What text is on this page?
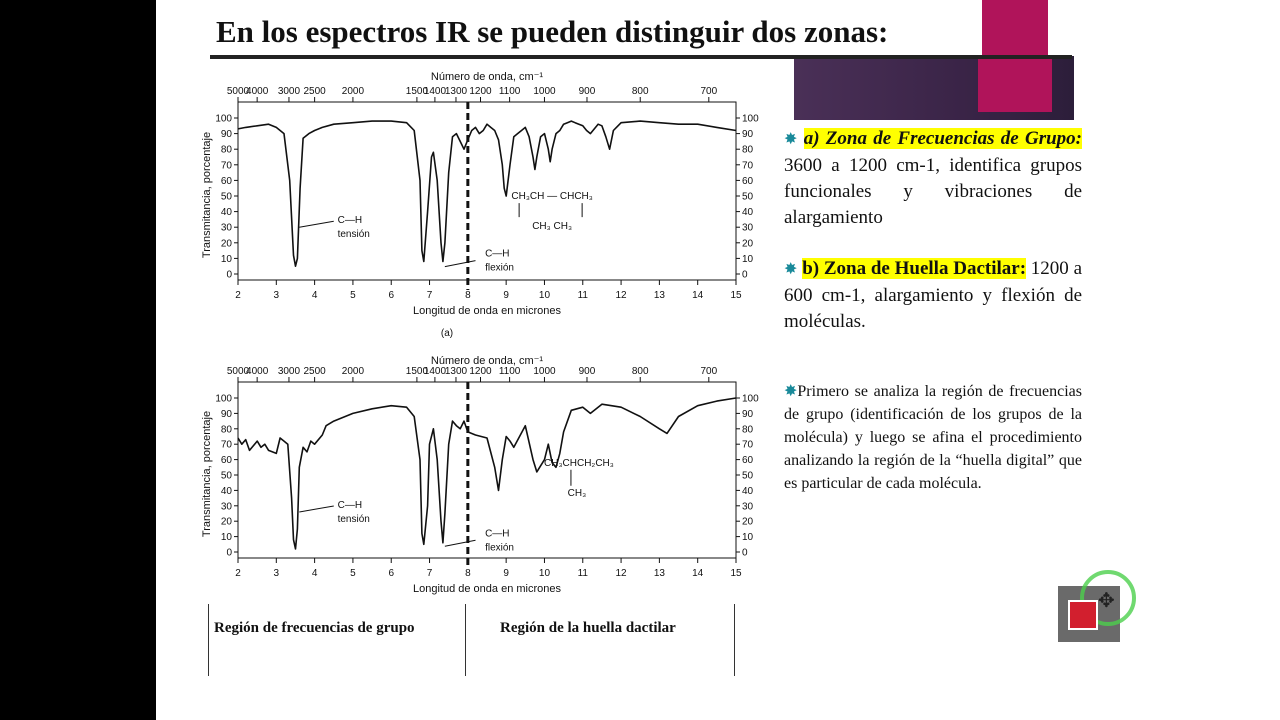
En los espectros IR se pueden distinguir dos zonas:
5000
4000 3000 2500 2000	1500
1400
1300 1200 1100 1000 900	800	700
Número de onda, cm⁻¹
2	3	4	5	6	7	8	9	10	11	12	13	14	15
Longitud de onda en micrones
(a)
0	0
10	10
20	20
30	30
40	40
50	50
60	60
70	70
80	80
90	90
100	100
Transmitancia, porcentaje	C—H
tensión
C—H
flexión
CH₃CH — CHCH₃
CH₃ CH₃
5000
4000 3000 2500 2000	1500
1400
1300 1200 1100 1000 900	800	700
Número de onda, cm⁻¹
2	3	4	5	6	7	8	9	10	11	12	13	14	15
Longitud de onda en micrones
0	0
10	10
20	20
30	30
40	40
50	50
60	60
70	70
80	80
90	90
100	100
Transmitancia, porcentaje	C—H
tensión
C—H
flexión
CH₃CHCH₂CH₃
CH₃
Región de frecuencias de grupo	Región de la huella dactilar
✸ a) Zona de Frecuencias de Grupo: 3600 a 1200 cm-1, identifica grupos funcionales y vibraciones de alargamiento
✸ b) Zona de Huella Dactilar: 1200 a 600 cm-1, alargamiento y flexión de moléculas.
✸Primero se analiza la región de frecuencias de grupo (identificación de los grupos de la molécula) y luego se afina el procedimiento analizando la región de la “huella digital” que es particular de cada molécula.
✥
